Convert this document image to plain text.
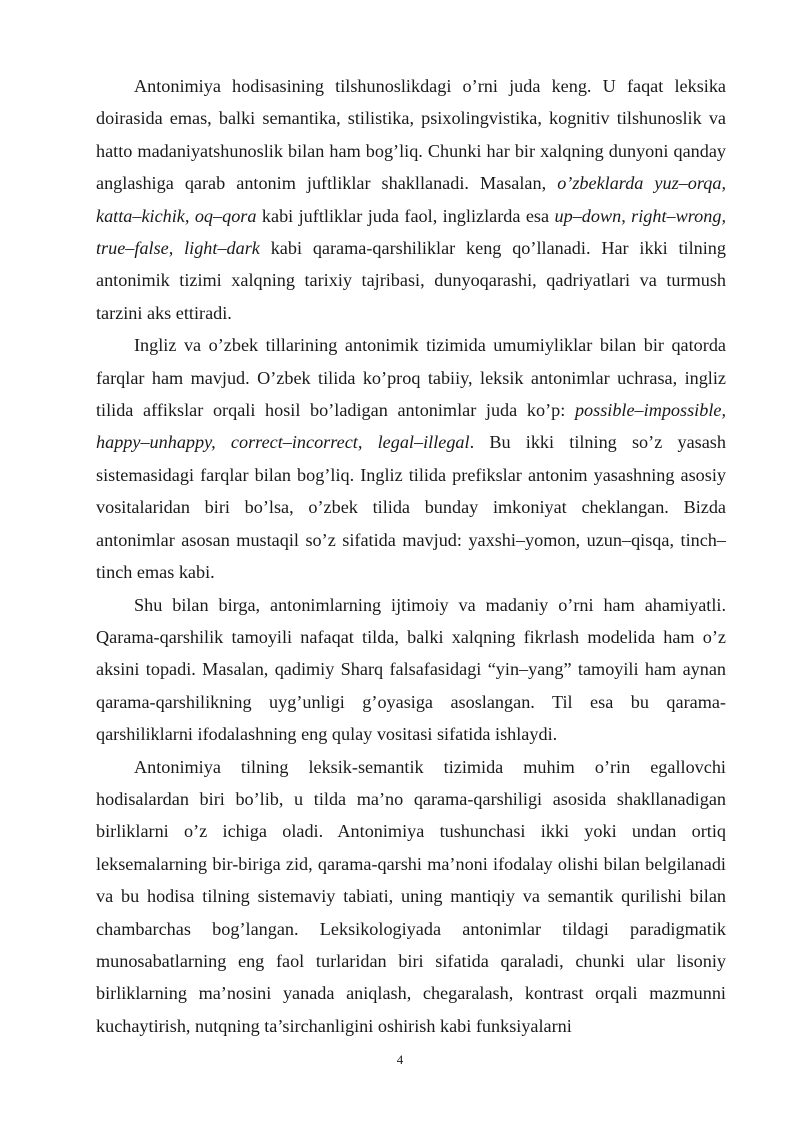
Antonimiya hodisasining tilshunoslikdagi o’rni juda keng. U faqat leksika doirasida emas, balki semantika, stilistika, psixolingvistika, kognitiv tilshunoslik va hatto madaniyatshunoslik bilan ham bog’liq. Chunki har bir xalqning dunyoni qanday anglashiga qarab antonim juftliklar shakllanadi. Masalan, o’zbeklarda yuz–orqa, katta–kichik, oq–qora kabi juftliklar juda faol, inglizlarda esa up–down, right–wrong, true–false, light–dark kabi qarama-qarshiliklar keng qo’llanadi. Har ikki tilning antonimik tizimi xalqning tarixiy tajribasi, dunyoqarashi, qadriyatlari va turmush tarzini aks ettiradi.

Ingliz va o’zbek tillarining antonimik tizimida umumiyliklar bilan bir qatorda farqlar ham mavjud. O’zbek tilida ko’proq tabiiy, leksik antonimlar uchrasa, ingliz tilida affikslar orqali hosil bo’ladigan antonimlar juda ko’p: possible–impossible, happy–unhappy, correct–incorrect, legal–illegal. Bu ikki tilning so’z yasash sistemasidagi farqlar bilan bog’liq. Ingliz tilida prefikslar antonim yasashning asosiy vositalaridan biri bo’lsa, o’zbek tilida bunday imkoniyat cheklangan. Bizda antonimlar asosan mustaqil so’z sifatida mavjud: yaxshi–yomon, uzun–qisqa, tinch–tinch emas kabi.

Shu bilan birga, antonimlarning ijtimoiy va madaniy o’rni ham ahamiyatli. Qarama-qarshilik tamoyili nafaqat tilda, balki xalqning fikrlash modelida ham o’z aksini topadi. Masalan, qadimiy Sharq falsafasidagi “yin–yang” tamoyili ham aynan qarama-qarshilikning uyg’unligi g’oyasiga asoslangan. Til esa bu qarama-qarshiliklarni ifodalashning eng qulay vositasi sifatida ishlaydi.

Antonimiya tilning leksik-semantik tizimida muhim o’rin egallovchi hodisalardan biri bo’lib, u tilda ma’no qarama-qarshiligi asosida shakllanadigan birliklarni o’z ichiga oladi. Antonimiya tushunchasi ikki yoki undan ortiq leksemalarning bir-biriga zid, qarama-qarshi ma’noni ifodalay olishi bilan belgilanadi va bu hodisa tilning sistemaviy tabiati, uning mantiqiy va semantik qurilishi bilan chambarchas bog’langan. Leksikologiyada antonimlar tildagi paradigmatik munosabatlarning eng faol turlaridan biri sifatida qaraladi, chunki ular lisoniy birliklarning ma’nosini yanada aniqlash, chegaralash, kontrast orqali mazmunni kuchaytirish, nutqning ta’sirchanligini oshirish kabi funksiyalarni

4
